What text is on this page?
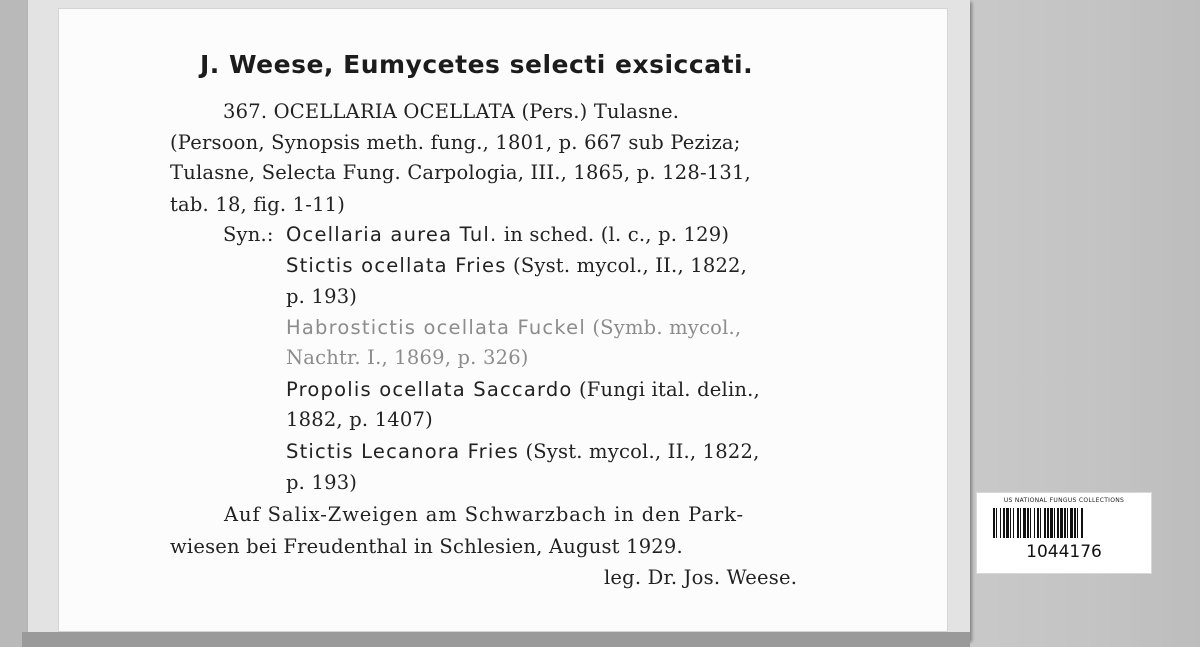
J. Weese, Eumycetes selecti exsiccati.
367. OCELLARIA OCELLATA (Pers.) Tulasne.
(Persoon, Synopsis meth. fung., 1801, p. 667 sub Peziza;
Tulasne, Selecta Fung. Carpologia, III., 1865, p. 128-131,
tab. 18, fig. 1-11)
Syn.: Ocellaria aurea Tul. in sched. (l. c., p. 129)
Stictis ocellata Fries (Syst. mycol., II., 1822,
p. 193)
Habrostictis ocellata Fuckel (Symb. mycol.,
Nachtr. I., 1869, p. 326)
Propolis ocellata Saccardo (Fungi ital. delin.,
1882, p. 1407)
Stictis Lecanora Fries (Syst. mycol., II., 1822,
p. 193)
Auf Salix-Zweigen am Schwarzbach in den Park-
wiesen bei Freudenthal in Schlesien, August 1929.
leg. Dr. Jos. Weese.
US NATIONAL FUNGUS COLLECTIONS
1044176
